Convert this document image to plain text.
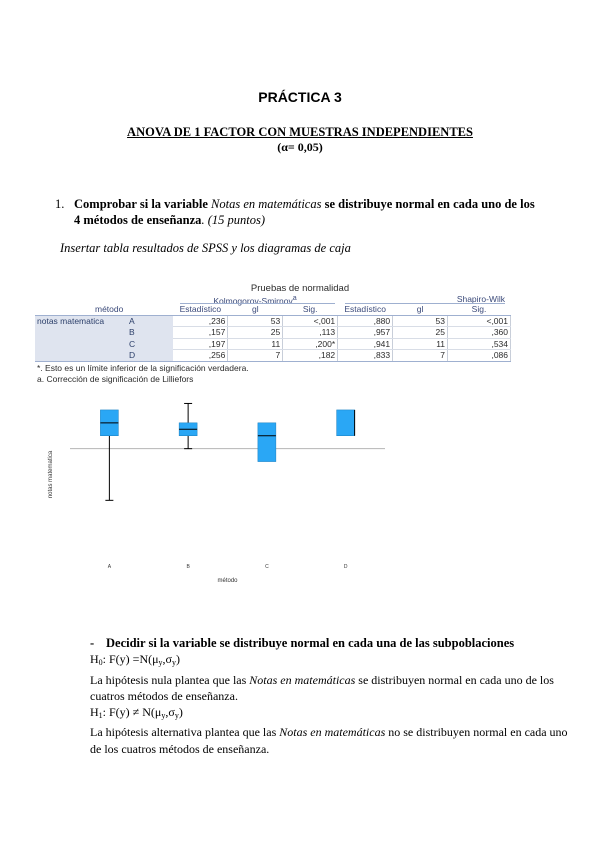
PRÁCTICA 3
ANOVA DE 1 FACTOR CON MUESTRAS INDEPENDIENTES
(α= 0,05)
1. Comprobar si la variable Notas en matemáticas se distribuye normal en cada uno de los 4 métodos de enseñanza. (15 puntos)
Insertar tabla resultados de SPSS y los diagramas de caja
Pruebas de normalidad
Kolmogorov-Smirnov$^a$	Shapiro-Wilk
método		Estadístico	gl	Sig.	Estadístico	gl	Sig.
notas matematica	A	,236	53	<,001	,880	53	<,001
	B	,157	25	,113	,957	25	,360
	C	,197	11	,200*	,941	11	,534
	D	,256	7	,182	,833	7	,086
*. Esto es un límite inferior de la significación verdadera.
a. Corrección de significación de Lilliefors
notas matematica
método
A	B	C	D

- Decidir si la variable se distribuye normal en cada una de las subpoblaciones

$H_0$: $F(y) =N(\mu_y,\sigma_y)$

La hipótesis nula plantea que las Notas en matemáticas se distribuyen normal en cada uno de los cuatros métodos de enseñanza.

$H_1$: $F(y) \ne N(\mu_y,\sigma_y)$

La hipótesis alternativa plantea que las Notas en matemáticas no se distribuyen normal en cada uno de los cuatros métodos de enseñanza.
